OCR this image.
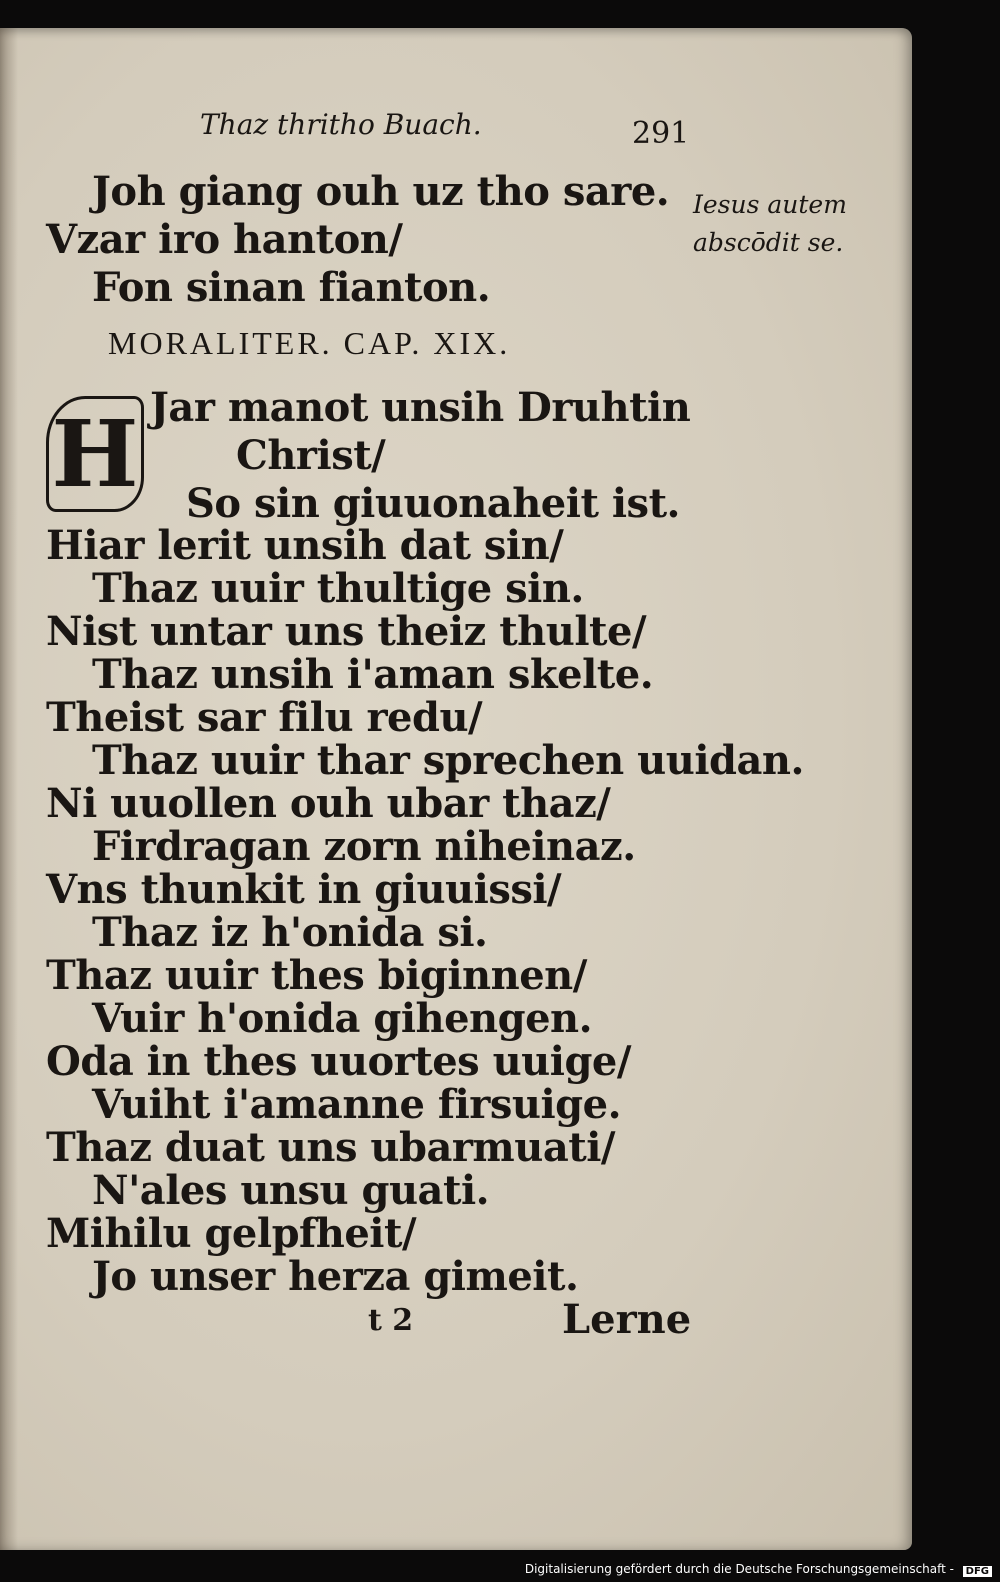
Thaz thritho Buach.	291
Iesus autem
abscōdit se.
Joh giang ouh uz tho sare.
Vzar iro hanton/
Fon sinan fianton.
MORALITER. CAP. XIX.
H Jar manot unsih Druhtin
Christ/
So sin giuuonaheit ist.
Hiar lerit unsih dat sin/
Thaz uuir thultige sin.
Nist untar uns theiz thulte/
Thaz unsih i'aman skelte.
Theist sar filu redu/
Thaz uuir thar sprechen uuidan.
Ni uuollen ouh ubar thaz/
Firdragan zorn niheinaz.
Vns thunkit in giuuissi/
Thaz iz h'onida si.
Thaz uuir thes biginnen/
Vuir h'onida gihengen.
Oda in thes uuortes uuige/
Vuiht i'amanne firsuige.
Thaz duat uns ubarmuati/
N'ales unsu guati.
Mihilu gelpfheit/
Jo unser herza gimeit.
t 2	Lerne
Digitalisierung gefördert durch die Deutsche Forschungsgemeinschaft -	DFG
